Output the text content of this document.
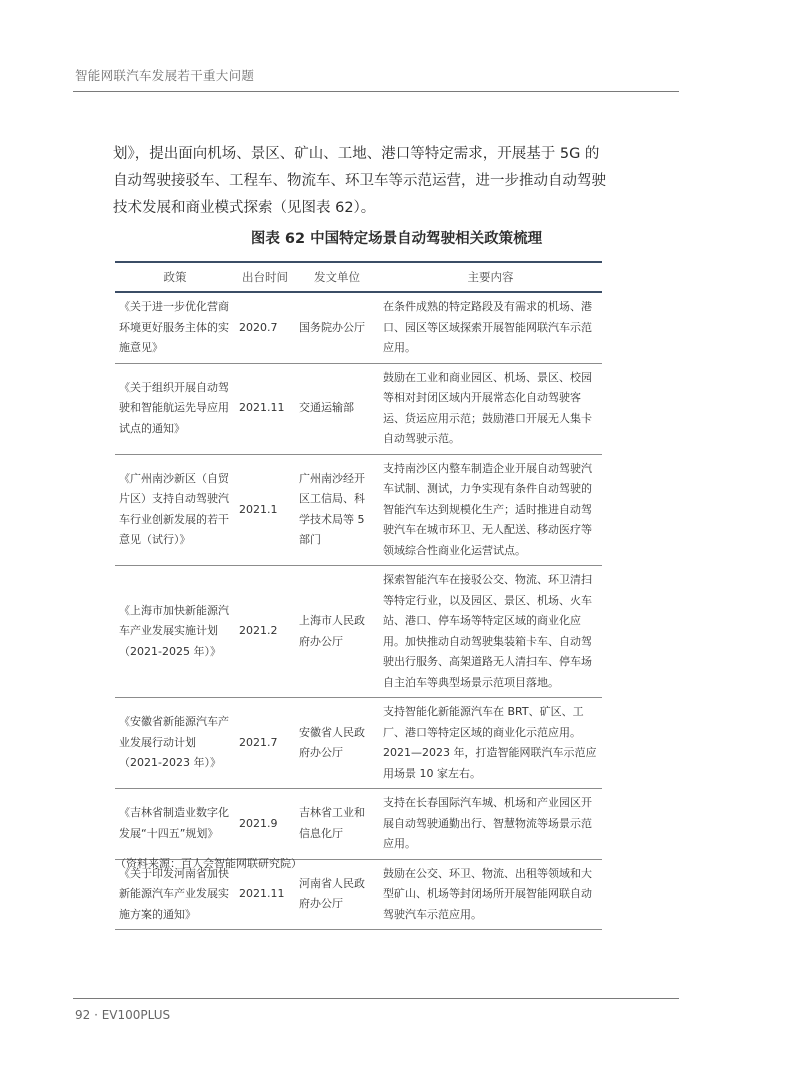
智能网联汽车发展若干重大问题

划》，提出面向机场、景区、矿山、工地、港口等特定需求，开展基于 5G 的自动驾驶接驳车、工程车、物流车、环卫车等示范运营，进一步推动自动驾驶技术发展和商业模式探索（见图表 62）。

图表 62 中国特定场景自动驾驶相关政策梳理
政策	出台时间	发文单位	主要内容
《关于进一步优化营商环境更好服务主体的实施意见》	2020.7	国务院办公厅	在条件成熟的特定路段及有需求的机场、港口、园区等区域探索开展智能网联汽车示范应用。
《关于组织开展自动驾驶和智能航运先导应用试点的通知》	2021.11	交通运输部	鼓励在工业和商业园区、机场、景区、校园等相对封闭区域内开展常态化自动驾驶客运、货运应用示范；鼓励港口开展无人集卡自动驾驶示范。
《广州南沙新区（自贸片区）支持自动驾驶汽车行业创新发展的若干意见（试行）》	2021.1	广州南沙经开区工信局、科学技术局等 5 部门	支持南沙区内整车制造企业开展自动驾驶汽车试制、测试，力争实现有条件自动驾驶的智能汽车达到规模化生产；适时推进自动驾驶汽车在城市环卫、无人配送、移动医疗等领域综合性商业化运营试点。
《上海市加快新能源汽车产业发展实施计划（2021-2025 年）》	2021.2	上海市人民政府办公厅	探索智能汽车在接驳公交、物流、环卫清扫等特定行业，以及园区、景区、机场、火车站、港口、停车场等特定区域的商业化应用。加快推动自动驾驶集装箱卡车、自动驾驶出行服务、高架道路无人清扫车、停车场自主泊车等典型场景示范项目落地。
《安徽省新能源汽车产业发展行动计划（2021-2023 年）》	2021.7	安徽省人民政府办公厅	支持智能化新能源汽车在 BRT、矿区、工厂、港口等特定区域的商业化示范应用。2021—2023 年，打造智能网联汽车示范应用场景 10 家左右。
《吉林省制造业数字化发展“十四五”规划》	2021.9	吉林省工业和信息化厅	支持在长春国际汽车城、机场和产业园区开展自动驾驶通勤出行、智慧物流等场景示范应用。
《关于印发河南省加快新能源汽车产业发展实施方案的通知》	2021.11	河南省人民政府办公厅	鼓励在公交、环卫、物流、出租等领域和大型矿山、机场等封闭场所开展智能网联自动驾驶汽车示范应用。
（资料来源：百人会智能网联研究院）
92 · EV100PLUS
